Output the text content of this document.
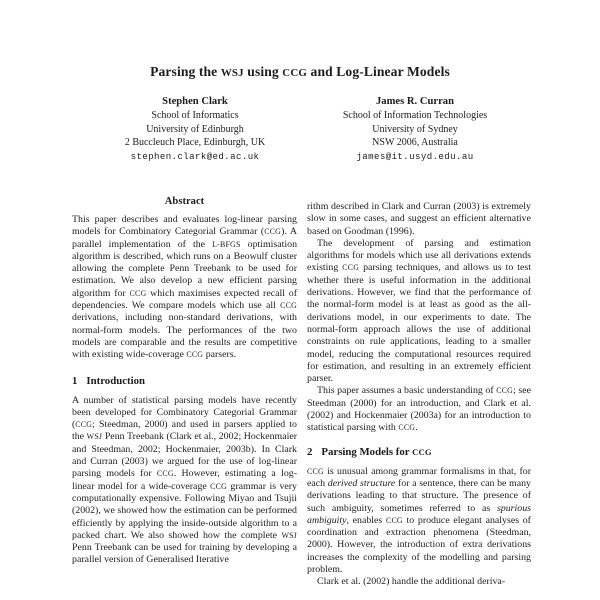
Parsing the WSJ using CCG and Log-Linear Models
Stephen Clark
School of Informatics
University of Edinburgh
2 Buccleuch Place, Edinburgh, UK
stephen.clark@ed.ac.uk
James R. Curran
School of Information Technologies
University of Sydney
NSW 2006, Australia
james@it.usyd.edu.au
Abstract

This paper describes and evaluates log-linear parsing models for Combinatory Categorial Grammar (CCG). A parallel implementation of the L-BFGS optimisation algorithm is described, which runs on a Beowulf cluster allowing the complete Penn Treebank to be used for estimation. We also develop a new efficient parsing algorithm for CCG which maximises expected recall of dependencies. We compare models which use all CCG derivations, including non-standard derivations, with normal-form models. The performances of the two models are comparable and the results are competitive with existing wide-coverage CCG parsers.

1 Introduction

A number of statistical parsing models have recently been developed for Combinatory Categorial Grammar (CCG; Steedman, 2000) and used in parsers applied to the WSJ Penn Treebank (Clark et al., 2002; Hockenmaier and Steedman, 2002; Hockenmaier, 2003b). In Clark and Curran (2003) we argued for the use of log-linear parsing models for CCG. However, estimating a log-linear model for a wide-coverage CCG grammar is very computationally expensive. Following Miyao and Tsujii (2002), we showed how the estimation can be performed efficiently by applying the inside-outside algorithm to a packed chart. We also showed how the complete WSJ Penn Treebank can be used for training by developing a parallel version of Generalised Iterative

rithm described in Clark and Curran (2003) is extremely slow in some cases, and suggest an efficient alternative based on Goodman (1996).

The development of parsing and estimation algorithms for models which use all derivations extends existing CCG parsing techniques, and allows us to test whether there is useful information in the additional derivations. However, we find that the performance of the normal-form model is at least as good as the all-derivations model, in our experiments to date. The normal-form approach allows the use of additional constraints on rule applications, leading to a smaller model, reducing the computational resources required for estimation, and resulting in an extremely efficient parser.

This paper assumes a basic understanding of CCG; see Steedman (2000) for an introduction, and Clark et al. (2002) and Hockenmaier (2003a) for an introduction to statistical parsing with CCG.

2 Parsing Models for CCG

CCG is unusual among grammar formalisms in that, for each derived structure for a sentence, there can be many derivations leading to that structure. The presence of such ambiguity, sometimes referred to as spurious ambiguity, enables CCG to produce elegant analyses of coordination and extraction phenomena (Steedman, 2000). However, the introduction of extra derivations increases the complexity of the modelling and parsing problem.

Clark et al. (2002) handle the additional deriva-
